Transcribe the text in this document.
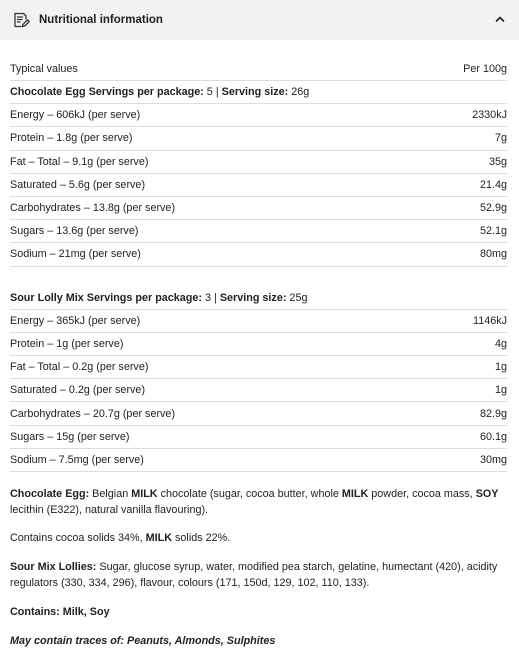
Nutritional information
Typical values	Per 100g
Chocolate Egg Servings per package: 5 | Serving size: 26g
Energy – 606kJ (per serve)	2330kJ
Protein – 1.8g (per serve)	7g
Fat – Total – 9.1g (per serve)	35g
Saturated – 5.6g (per serve)	21.4g
Carbohydrates – 13.8g (per serve)	52.9g
Sugars – 13.6g (per serve)	52.1g
Sodium – 21mg (per serve)	80mg
Sour Lolly Mix Servings per package: 3 | Serving size: 25g
Energy – 365kJ (per serve)	1146kJ
Protein – 1g (per serve)	4g
Fat – Total – 0.2g (per serve)	1g
Saturated – 0.2g (per serve)	1g
Carbohydrates – 20.7g (per serve)	82.9g
Sugars – 15g (per serve)	60.1g
Sodium – 7.5mg (per serve)	30mg

Chocolate Egg: Belgian MILK chocolate (sugar, cocoa butter, whole MILK powder, cocoa mass, SOY lecithin (E322), natural vanilla flavouring).

Contains cocoa solids 34%, MILK solids 22%.

Sour Mix Lollies: Sugar, glucose syrup, water, modified pea starch, gelatine, humectant (420), acidity regulators (330, 334, 296), flavour, colours (171, 150d, 129, 102, 110, 133).

Contains: Milk, Soy

May contain traces of: Peanuts, Almonds, Sulphites
